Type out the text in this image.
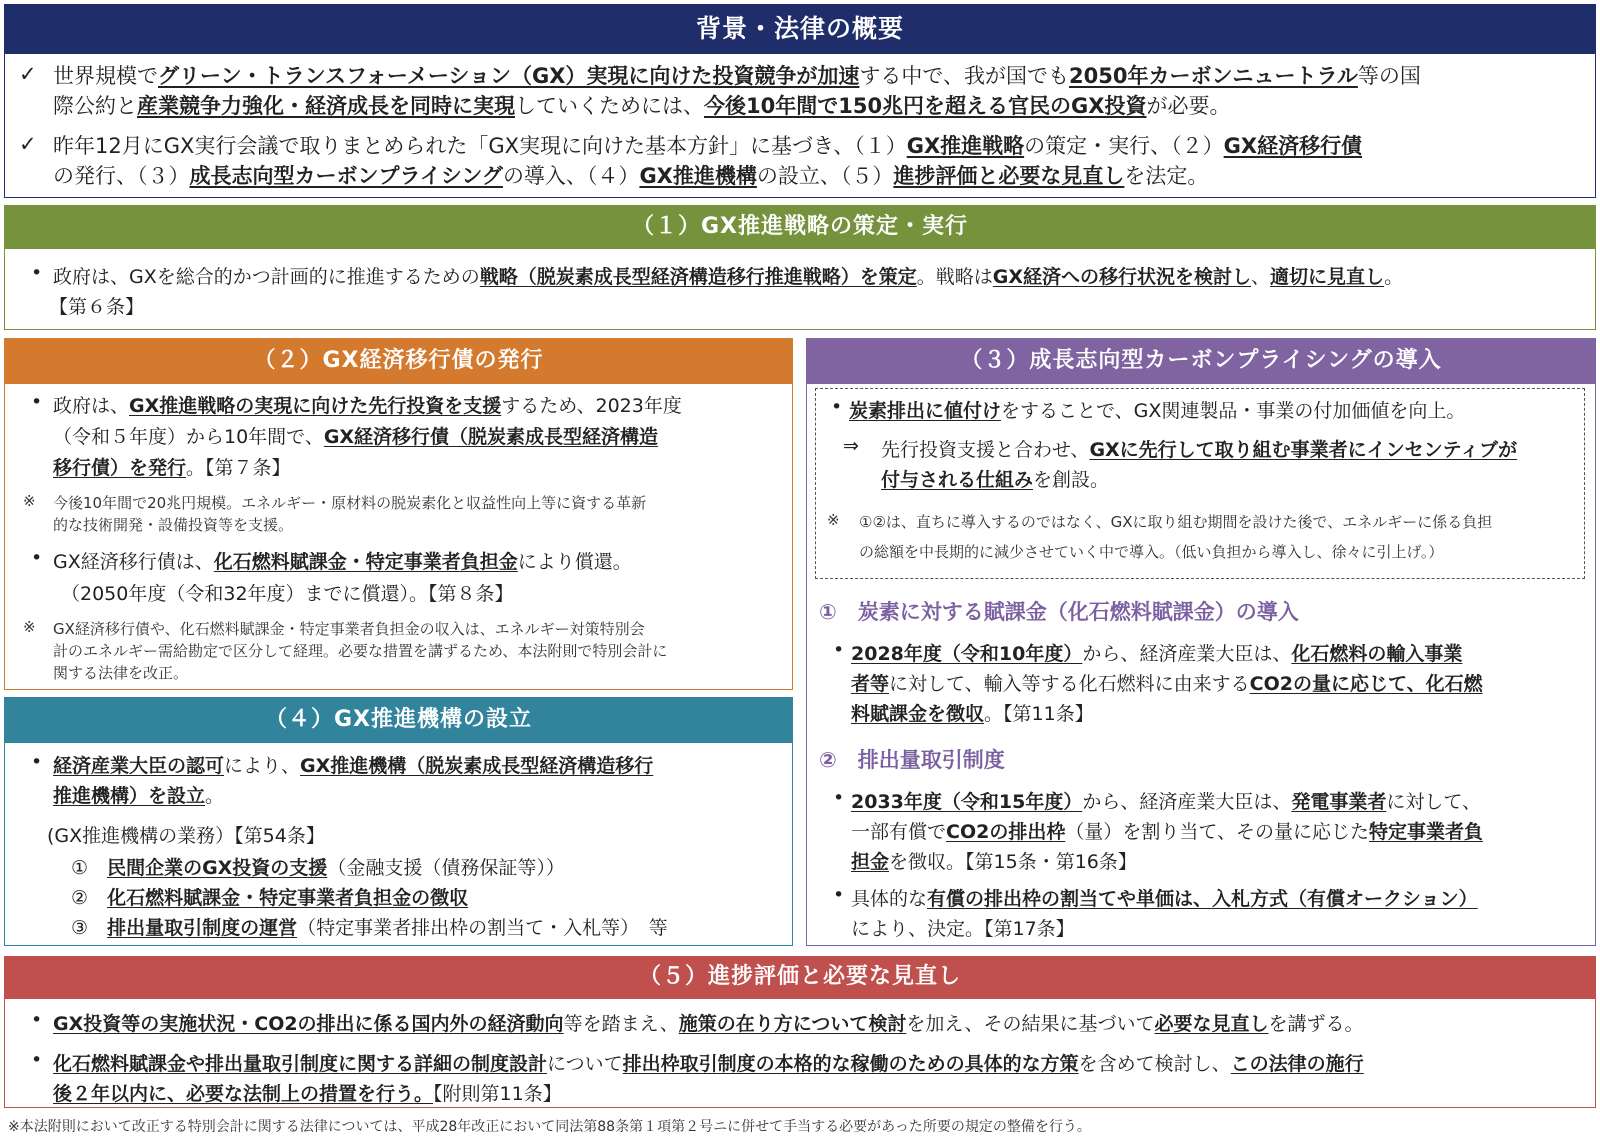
背景・法律の概要
✓ 世界規模でグリーン・トランスフォーメーション（GX）実現に向けた投資競争が加速する中で、我が国でも2050年カーボンニュートラル等の国
際公約と産業競争力強化・経済成長を同時に実現していくためには、今後10年間で150兆円を超える官民のGX投資が必要。
✓ 昨年12月にGX実行会議で取りまとめられた「GX実現に向けた基本方針」に基づき、（１）GX推進戦略の策定・実行、（２）GX経済移行債
の発行、（３）成長志向型カーボンプライシングの導入、（４）GX推進機構の設立、（５）進捗評価と必要な見直しを法定。
（１）GX推進戦略の策定・実行
• 政府は、GXを総合的かつ計画的に推進するための戦略（脱炭素成長型経済構造移行推進戦略）を策定。戦略はGX経済への移行状況を検討し、適切に見直し。
【第６条】
（２）GX経済移行債の発行
• 政府は、GX推進戦略の実現に向けた先行投資を支援するため、2023年度
（令和５年度）から10年間で、GX経済移行債（脱炭素成長型経済構造
移行債）を発行。【第７条】
※ 今後10年間で20兆円規模。エネルギー・原材料の脱炭素化と収益性向上等に資する革新
的な技術開発・設備投資等を支援。
• GX経済移行債は、化石燃料賦課金・特定事業者負担金により償還。
（2050年度（令和32年度）までに償還）。【第８条】
※ GX経済移行債や、化石燃料賦課金・特定事業者負担金の収入は、エネルギー対策特別会
計のエネルギー需給勘定で区分して経理。必要な措置を講ずるため、本法附則で特別会計に
関する法律を改正。
（４）GX推進機構の設立
• 経済産業大臣の認可により、GX推進機構（脱炭素成長型経済構造移行
推進機構）を設立。
(GX推進機構の業務）【第54条】
①　 民間企業のGX投資の支援（金融支援（債務保証等））
②　 化石燃料賦課金・特定事業者負担金の徴収
③　 排出量取引制度の運営（特定事業者排出枠の割当て・入札等）　等
（３）成長志向型カーボンプライシングの導入
• 炭素排出に値付けをすることで、GX関連製品・事業の付加価値を向上。
⇒ 先行投資支援と合わせ、GXに先行して取り組む事業者にインセンティブが
付与される仕組みを創設。
※ ①②は、直ちに導入するのではなく、GXに取り組む期間を設けた後で、エネルギーに係る負担
の総額を中長期的に減少させていく中で導入。（低い負担から導入し、徐々に引上げ。）
①　炭素に対する賦課金（化石燃料賦課金）の導入
• 2028年度（令和10年度）から、経済産業大臣は、化石燃料の輸入事業
者等に対して、輸入等する化石燃料に由来するCO2の量に応じて、化石燃
料賦課金を徴収。【第11条】
②　排出量取引制度
• 2033年度（令和15年度）から、経済産業大臣は、発電事業者に対して、
一部有償でCO2の排出枠（量）を割り当て、その量に応じた特定事業者負
担金を徴収。【第15条・第16条】
• 具体的な有償の排出枠の割当てや単価は、入札方式（有償オークション）
により、決定。【第17条】
（５）進捗評価と必要な見直し
• GX投資等の実施状況・CO2の排出に係る国内外の経済動向等を踏まえ、施策の在り方について検討を加え、その結果に基づいて必要な見直しを講ずる。
• 化石燃料賦課金や排出量取引制度に関する詳細の制度設計について排出枠取引制度の本格的な稼働のための具体的な方策を含めて検討し、この法律の施行
後２年以内に、必要な法制上の措置を行う。【附則第11条】
※本法附則において改正する特別会計に関する法律については、平成28年改正において同法第88条第１項第２号ニに併せて手当する必要があった所要の規定の整備を行う。
